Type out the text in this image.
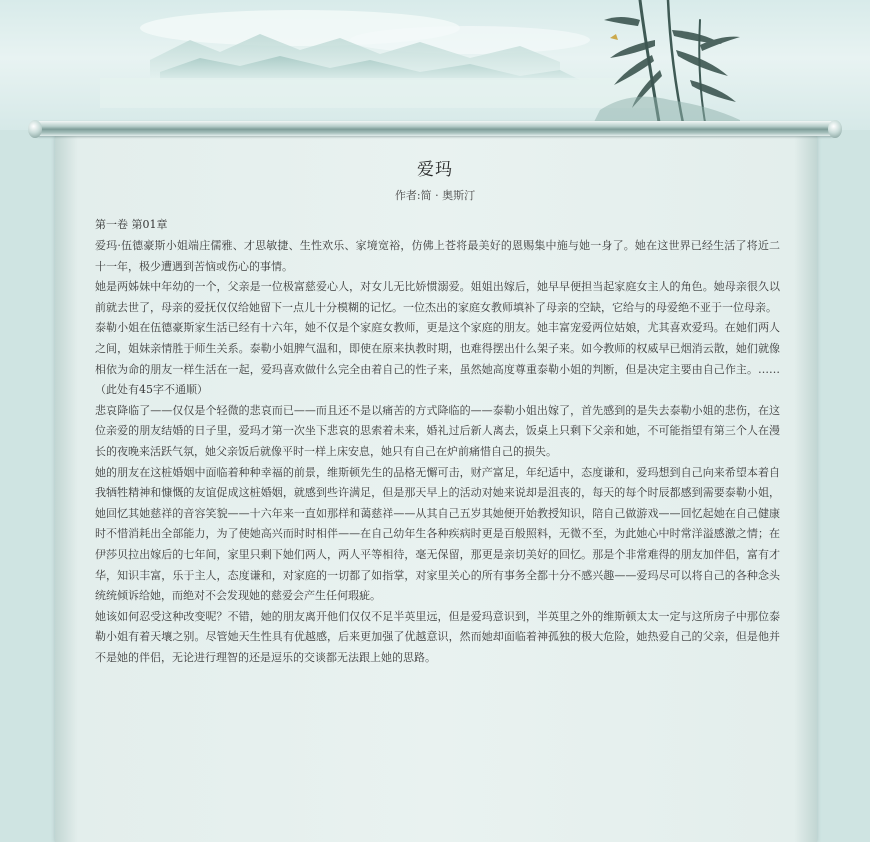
爱玛
作者:简 · 奥斯汀
第一卷 第01章

爱玛·伍德豪斯小姐端庄儒雅、才思敏捷、生性欢乐、家境宽裕，仿佛上苍将最美好的恩赐集中施与她一身了。她在这世界已经生活了将近二十一年，极少遭遇到苦恼或伤心的事情。

她是两姊妹中年幼的一个，父亲是一位极富慈爱心人，对女儿无比娇惯溺爱。姐姐出嫁后，她早早便担当起家庭女主人的角色。她母亲很久以前就去世了，母亲的爱抚仅仅给她留下一点儿十分模糊的记忆。一位杰出的家庭女教师填补了母亲的空缺，它给与的母爱绝不亚于一位母亲。

泰勒小姐在伍德豪斯家生活已经有十六年，她不仅是个家庭女教师，更是这个家庭的朋友。她丰富宠爱两位姑娘，尤其喜欢爱玛。在她们两人之间，姐妹亲情胜于师生关系。泰勒小姐脾气温和，即使在原来执教时期，也难得摆出什么架子来。如今教师的权威早已烟消云散，她们就像相依为命的朋友一样生活在一起，爱玛喜欢做什么完全由着自己的性子来，虽然她高度尊重泰勒小姐的判断，但是决定主要由自己作主。……（此处有45字不通顺）

悲哀降临了——仅仅是个轻微的悲哀而已——而且还不是以痛苦的方式降临的——泰勒小姐出嫁了，首先感到的是失去泰勒小姐的悲伤，在这位亲爱的朋友结婚的日子里，爱玛才第一次坐下悲哀的思索着未来，婚礼过后新人离去，饭桌上只剩下父亲和她，不可能指望有第三个人在漫长的夜晚来活跃气氛，她父亲饭后就像平时一样上床安息，她只有自己在炉前痛惜自己的损失。

她的朋友在这桩婚姻中面临着种种幸福的前景，维斯顿先生的品格无懈可击，财产富足，年纪适中，态度谦和，爱玛想到自己向来希望本着自我牺牲精神和慷慨的友谊促成这桩婚姻，就感到些许满足，但是那天早上的活动对她来说却是沮丧的，每天的每个时辰都感到需要泰勒小姐，她回忆其她慈祥的音容笑貌——十六年来一直如那样和蔼慈祥——从其自己五岁其她便开始教授知识，陪自己做游戏——回忆起她在自己健康时不惜消耗出全部能力，为了使她高兴而时时相伴——在自己幼年生各种疾病时更是百般照料，无微不至，为此她心中时常洋溢感激之情；在伊莎贝拉出嫁后的七年间，家里只剩下她们两人，两人平等相待，毫无保留，那更是亲切美好的回忆。那是个非常难得的朋友加伴侣，富有才华，知识丰富，乐于主人，态度谦和，对家庭的一切都了如指掌，对家里关心的所有事务全都十分不感兴趣——爱玛尽可以将自己的各种念头统统倾诉给她，而绝对不会发现她的慈爱会产生任何瑕疵。

她该如何忍受这种改变呢？不错，她的朋友离开他们仅仅不足半英里远，但是爱玛意识到，半英里之外的维斯顿太太一定与这所房子中那位泰勒小姐有着天壤之别。尽管她天生性具有优越感，后来更加强了优越意识，然而她却面临着神孤独的极大危险，她热爱自己的父亲，但是他并不是她的伴侣，无论进行理智的还是逗乐的交谈都无法跟上她的思路。
